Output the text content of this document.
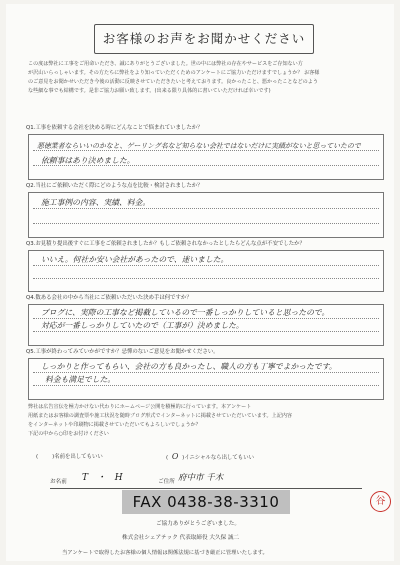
お客様のお声をお聞かせください
この度は弊社に工事をご用命いただき、誠にありがとうございました。世の中には弊社の存在やサービスをご存知ない方
が沢山いらっしゃいます。その方たちに弊社をより知っていただくためのアンケートにご協力いただけますでしょうか？ お客様
のご意見をお聞かせいただき今後の活動に反映させていただきたいと考えております。良かったこと、悪かったことなどのよう
な些細な事でも結構です。是非ご協力お願い致します。(出来る限り具体的に書いていただければ幸いです)
Q1.工事を依頼する会社を決める時にどんなことで悩まれていましたか？
悪徳業者ならいいのかなと、ゲーリング名など知らない会社ではないだけに実績がないと思っていたので
依頼事はあり決めました。
Q2.当社にご依頼いただく際にどのような点を比較・検討されましたか？
施工事例の内容、実績、料金。
Q3.お見積り提出後すぐに工事をご依頼されましたか？もしご依頼されなかったとしたらどんな点が不安でしたか？
いいえ。何社か安い会社があったので、迷いました。
Q4.数ある会社の中から当社にご依頼いただいた決め手は何ですか？
ブログに、実際の工事など掲載しているので一番しっかりしていると思ったので。
対応が一番しっかりしていたので（工事が）決めました。
Q5.工事が終わってみていかがですか？忌憚のないご意見をお聞かせください。
しっかりと作ってもらい、会社の方も良かったし、職人の方も丁寧でよかったです。
料金も満足でした。
弊社は広告宣伝を極力かけない代わりにホームページ公開を積極的に行っています。本アンケート
用紙またはお客様の調査票や施工状況を随時ブログ形式でインターネットに掲載させていただいています。上記内容
をインターネットや印刷物に掲載させていただいてもよろしいでしょうか？
下記の中から○印をお付けください
(	)名前を出してもいい	( O )イニシャルなら出してもいい
お名前 T ・ H	ご住所 府中市 千木
FAX 0438-38-3310	谷
ご協力ありがとうございました。
株式会社シェアテック 代表取締役 大久保 誠二
当アンケートで取得したお客様の個人情報は関係法規に基づき厳正に管理いたします。
